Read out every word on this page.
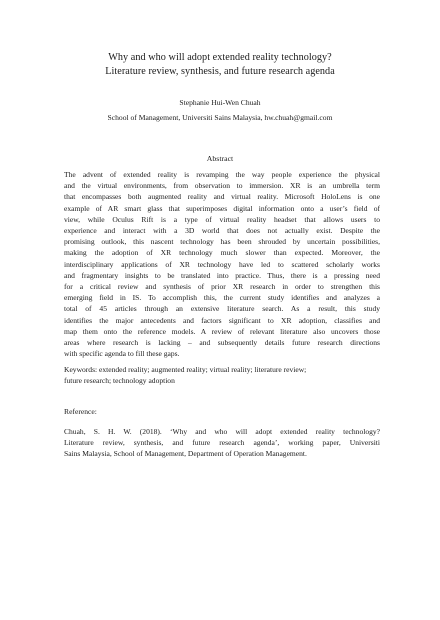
Why and who will adopt extended reality technology?
Literature review, synthesis, and future research agenda
Stephanie Hui-Wen Chuah
School of Management, Universiti Sains Malaysia, hw.chuah@gmail.com
Abstract
The advent of extended reality is revamping the way people experience the physical
and the virtual environments, from observation to immersion. XR is an umbrella term
that encompasses both augmented reality and virtual reality. Microsoft HoloLens is one
example of AR smart glass that superimposes digital information onto a user’s field of
view, while Oculus Rift is a type of virtual reality headset that allows users to
experience and interact with a 3D world that does not actually exist. Despite the
promising outlook, this nascent technology has been shrouded by uncertain possibilities,
making the adoption of XR technology much slower than expected. Moreover, the
interdisciplinary applications of XR technology have led to scattered scholarly works
and fragmentary insights to be translated into practice. Thus, there is a pressing need
for a critical review and synthesis of prior XR research in order to strengthen this
emerging field in IS. To accomplish this, the current study identifies and analyzes a
total of 45 articles through an extensive literature search. As a result, this study
identifies the major antecedents and factors significant to XR adoption, classifies and
map them onto the reference models. A review of relevant literature also uncovers those
areas where research is lacking – and subsequently details future research directions
with specific agenda to fill these gaps.
Keywords: extended reality; augmented reality; virtual reality; literature review;
future research; technology adoption
Reference:
Chuah, S. H. W. (2018). ‘Why and who will adopt extended reality technology?
Literature review, synthesis, and future research agenda’, working paper, Universiti
Sains Malaysia, School of Management, Department of Operation Management.
